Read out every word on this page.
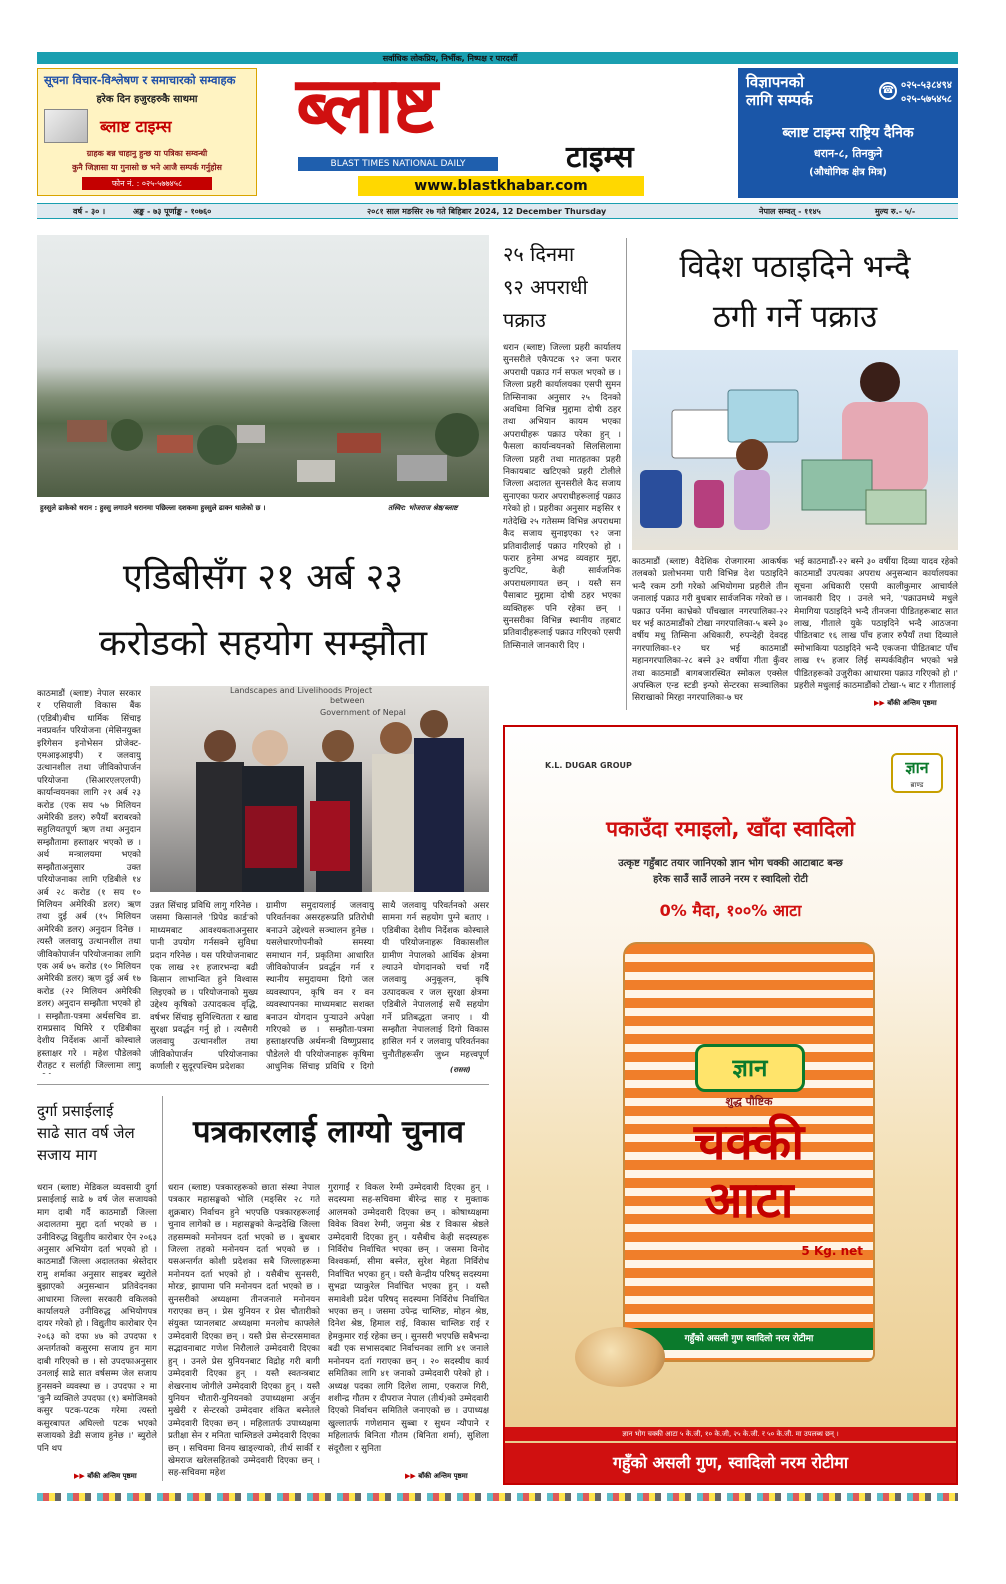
सर्वाधिक लोकप्रिय, निर्भीक, निष्पक्ष र पारदर्शी
सूचना विचार-विश्लेषण र समाचारको सम्वाहक
हरेक दिन हजुरहरुकै साथमा
ब्लाष्ट टाइम्स
ग्राहक बन्न चाहानु हुन्छ या पत्रिका सम्वन्धी
कुनै जिज्ञासा या गुनासो छ भने आजै सम्पर्क गर्नुहोस
फोन नं. : ०२५-५७७४५८
ब्लाष्ट
BLAST TIMES NATIONAL DAILY	टाइम्स
www.blastkhabar.com
विज्ञापनको
लागि सम्पर्क
☎ ०२५-५३८४९४
०२५-५७५४५८
ब्लाष्ट टाइम्स राष्ट्रिय दैनिक
धरान-८, तिनकुने
(औधोगिक क्षेत्र मित्र)
वर्ष - ३० ।	अङ्क - ७३ पूर्णाङ्क - १०७६०	२०८१ साल मङसिर २७ गते बिहिबार 2024, 12 December Thursday	नेपाल सम्वत् - ११४५	मुल्य रु.- ५/-
हुस्सुले ढाकेको धरान : हुस्सु लगाउने धरानमा पछिल्ला दशकमा हुस्सुले ढाक्न थालेको छ ।	तस्विर: भोजराज श्रेष्ठ/ब्लाष्ट
२५ दिनमा
९२ अपराधी
पक्राउ
धरान (ब्लाष्ट) जिल्ला प्रहरी कार्यालय सुनसरीले एकैपटक ९२ जना फरार अपराधी पक्राउ गर्न सफल भएको छ । जिल्ला प्रहरी कार्यालयका एसपी सुमन तिम्सिनाका अनुसार २५ दिनको अवधिमा विभिन्न मुद्दामा दोषी ठहर तथा अभियान कायम भएका अपराधीहरू पक्राउ परेका हुन् । फैसला कार्यान्वयनको सिलसिलामा जिल्ला प्रहरी तथा मातहतका प्रहरी निकायबाट खटिएको प्रहरी टोलीले जिल्ला अदालत सुनसरीले कैद सजाय सुनाएका फरार अपराधीहरूलाई पक्राउ गरेको हो । प्रहरीका अनुसार मङ्सिर १ गतेदेखि २५ गतेसम्म विभिन्न अपराधमा कैद सजाय सुनाइएका ९२ जना प्रतिवादीलाई पक्राउ गरिएको हो । फरार हुनेमा अभद्र व्यवहार मुद्दा, कुटपिट, केही सार्वजनिक अपराधलगायत छन् । यस्तै सन पैसाबाट मुद्दामा दोषी ठहर भएका व्यक्तिहरू पनि रहेका छन् । सुनसरीका विभिन्न स्थानीय तहबाट प्रतिवादीहरूलाई पक्राउ गरिएको एसपी तिम्सिनाले जानकारी दिए ।
विदेश पठाइदिने भन्दै
ठगी गर्ने पक्राउ
काठमाडौं (ब्लाष्ट) वैदेशिक रोजगारमा आकर्षक तलबको प्रलोभनमा पारी विभिन्न देश पठाइदिने भन्दै रकम ठगी गरेको अभियोगमा प्रहरीले तीन जनालाई पक्राउ गरी बुधबार सार्वजनिक गरेको छ । पक्राउ पर्नेमा काभ्रेको पाँचखाल नगरपालिका-२२ घर भई काठमाडौंको टोखा नगरपालिका-५ बस्ने ३० वर्षीय मधु तिम्सिना अधिकारी, रुपन्देही देवदह नगरपालिका-१२ घर भई काठमाडौं महानगरपालिका-२८ बस्ने ३२ वर्षीया गीता कुँवर तथा काठमाडौं बागबजारस्थित स्मोकल एक्सेल अपस्किल एन्ड स्टडी इन्फो सेन्टरका सञ्चालिका सिराखाको मिरहा नगरपालिका-७ घर
भई काठमाडौं-२२ बस्ने ३० वर्षीया दिव्या यादव रहेको काठमाडौं उपत्यका अपराध अनुसन्धान कार्यालयका सूचना अधिकारी एसपी कालीकुमार आचार्यले जानकारी दिए । उनले भने, 'पक्राउमध्ये मधुले मेमागिया पठाइदिने भन्दै तीनजना पीडितहरूबाट सात लाख, गीताले युके पठाइदिने भन्दै आठजना पीडितबाट १६ लाख पाँच हजार रुपैयाँ तथा दिव्याले स्मोभाकिया पठाइदिने भन्दै एकजना पीडितबाट पाँच लाख १५ हजार लिई सम्पर्कविहीन भएको भन्ने पीडितहरूको उजुरीका आधारमा पक्राउ गरिएको हो ।' प्रहरीले मधुलाई काठमाडौंको टोखा-५ बाट र गीतालाई
▶▶ बाँकी अन्तिम पृष्ठमा
एडिबीसँग २१ अर्ब २३
करोडको सहयोग सम्झौता
काठमाडौं (ब्लाष्ट) नेपाल सरकार र एसियाली विकास बैंक (एडिबी)बीच धार्मिक सिंचाइ नवप्रवर्तन परियोजना (मेसिनयुक्त इरिगेसन इनोभेसन प्रोजेक्ट-एमआइआइपी) र जलवायु उत्थानशील तथा जीविकोपार्जन परियोजना (सिआरएलएलपी) कार्यान्वयनका लागि २१ अर्ब २३ करोड (एक सय ५७ मिलियन अमेरिकी डलर) रुपैयाँ बराबरको सहुलियतपूर्ण ऋण तथा अनुदान सम्झौतामा हस्ताक्षर भएको छ । अर्थ मन्त्रालयमा भएको सम्झौताअनुसार उक्त परियोजनाका लागि एडिबीले १४ अर्ब २८ करोड (१ सय १० मिलियन अमेरिकी डलर) ऋण तथा दुई अर्ब (१५ मिलियन अमेरिकी डलर) अनुदान दिनेछ । त्यस्तै जलवायु उत्थानशील तथा जीविकोपार्जन परियोजनाका लागि एक अर्ब ७५ करोड (१० मिलियन अमेरिकी डलर) ऋण दुई अर्ब १७ करोड (२२ मिलियन अमेरिकी डलर) अनुदान सम्झौता भएको हो । सम्झौता-पत्रमा अर्थसचिव डा. रामप्रसाद घिमिरे र एडिबीका देशीय निर्देशक आर्नो कोस्चाले हस्ताक्षर गरे । महेश पौडेलको रौतहट र सर्लाही जिल्लामा लागु
Landscapes and Livelihoods Project
between
Government of Nepal
उन्नत सिंचाइ प्रविधि लागु गरिनेछ । जसमा किसानले 'प्रिपेड कार्ड'को माध्यमबाट आवश्यकताअनुसार पानी उपयोग गर्नसक्ने सुविधा प्रदान गरिनेछ । यस परियोजनाबाट एक लाख २१ हजारभन्दा बढी किसान लाभान्वित हुने विश्वास लिइएको छ । परियोजनाको मुख्य उद्देश्य कृषिको उत्पादकत्व वृद्धि, वर्षभर सिंचाइ सुनिश्चितता र खाद्य सुरक्षा प्रवर्द्धन गर्नु हो । त्यसैगरी जलवायु उत्थानशील तथा जीविकोपार्जन परियोजनाका कर्णाली र सुदूरपश्चिम प्रदेशका
ग्रामीण समुदायलाई जलवायु परिवर्तनका असरहरूप्रति प्रतिरोधी बनाउने उद्देश्यले सञ्चालन हुनेछ । यसलेधारणोपनीको समस्या समाधान गर्न, प्रकृतिमा आधारित जीविकोपार्जन प्रवर्द्धन गर्न र स्थानीय समुदायमा दिगो जल व्यवस्थापन, कृषि वन र वन व्यवस्थापनका माध्यमबाट सशक्त बनाउन योगदान पुऱ्याउने अपेक्षा गरिएको छ । सम्झौता-पत्रमा हस्ताक्षरपछि अर्थमन्त्री विष्णुप्रसाद पौडेलले यी परियोजनाहरू कृषिमा आधुनिक सिंचाइ प्रविधि र दिगो
साथै जलवायु परिवर्तनको असर सामना गर्न सहयोग पुग्ने बताए । एडिबीका देशीय निर्देशक कोस्चाले यी परियोजनाहरू विकासशील ग्रामीण नेपालको आर्थिक क्षेत्रमा ल्याउने योगदानको चर्चा गर्दै जलवायु अनुकूलन, कृषि उत्पादकत्व र जल सुरक्षा क्षेत्रमा एडिबीले नेपाललाई सधैं सहयोग गर्ने प्रतिबद्धता जनाए । यी सम्झौता नेपाललाई दिगो विकास हासिल गर्न र जलवायु परिवर्तनका चुनौतीहरूसँग जुध्न महत्त्वपूर्ण
(रासस)
दुर्गा प्रसाईलाई
साढे सात वर्ष जेल
सजाय माग
धरान (ब्लाष्ट) मेडिकल व्यवसायी दुर्गा प्रसाईलाई साढे ७ वर्ष जेल सजायको माग दाबी गर्दै काठमाडौं जिल्ला अदालतमा मुद्दा दर्ता भएको छ । उनीविरुद्ध विद्युतीय कारोबार ऐन २०६३ अनुसार अभियोग दर्ता भएको हो । काठमाडौं जिल्ला अदालतका श्रेस्तेदार रामु शर्माका अनुसार साइबर ब्युरोले बुझाएको अनुसन्धान प्रतिवेदनका आधारमा जिल्ला सरकारी वकिलको कार्यालयले उनीविरुद्ध अभियोगपत्र दायर गरेको हो । विद्युतीय कारोबार ऐन २०६३ को दफा ४७ को उपदफा १ अन्तर्गतको कसुरमा सजाय हुन माग दाबी गरिएको छ । सो उपदफाअनुसार उनलाई साढे सात वर्षसम्म जेल सजाय हुनसक्ने व्यवस्था छ । उपदफा २ मा 'कुनै व्यक्तिले उपदफा (१) बमोजिमको कसुर पटक-पटक गरेमा त्यस्तो कसुरबापत अघिल्लो पटक भएको सजायको डेढी सजाय हुनेछ ।' ब्युरोले पनि थप
▶▶ बाँकी अन्तिम पृष्ठमा
पत्रकारलाई लाग्यो चुनाव
धरान (ब्लाष्ट) पत्रकारहरूको छाता संस्था नेपाल पत्रकार महासङ्घको भोलि (मङ्सिर २८ गते शुक्रबार) निर्वाचन हुने भएपछि पत्रकारहरूलाई चुनाव लागेको छ । महासङ्घको केन्द्रदेखि जिल्ला तहसम्मको मनोनयन दर्ता भएको छ । बुधबार जिल्ला तहको मनोनयन दर्ता भएको छ । यसअन्तर्गत कोशी प्रदेशका सबै जिल्लाहरूमा मनोनयन दर्ता भएको हो । यसैबीच सुनसरी, मोरङ, झापामा पनि मनोनयन दर्ता भएको छ । सुनसरीको अध्यक्षमा तीनजनाले मनोनयन गराएका छन् । प्रेस युनियन र प्रेस चौतारीको संयुक्त प्यानलबाट अध्यक्षमा मनलोच काफ्लेले उम्मेदवारी दिएका छन् । यस्तै प्रेस सेन्टरसमावत सद्भावनाबाट गणेश निरौलाले उम्मेदवारी दिएका हुन् । उनले प्रेस युनियनबाट विद्रोह गरी बागी उम्मेदवारी दिएका हुन् । यस्तै स्वतन्त्रबाट शेखरनाथ जोगीले उम्मेदवारी दिएका हुन् । यस्तै युनियन चौतारी-युनियनको उपाध्यक्षमा अर्जुन मुखेरी र सेन्टरको उम्मेदवार शंकित बस्नेतले उम्मेदवारी दिएका छन् । महिलातर्फ उपाध्यक्षमा प्रतीक्षा सेन र मनिता चाम्लिङले उम्मेदवारी दिएका छन् । सचिवमा विनय खाङ्ल्याको, तीर्थ सार्की र खेमराज खरेलसहितको उम्मेदवारी दिएका छन् । सह-सचिवमा महेश
गुरागाईं र विकल रेग्मी उम्मेदवारी दिएका हुन् । सदस्यमा सह-सचिवमा बीरेन्द्र साह र मुक्ताक आलमको उम्मेदवारी दिएका छन् । कोषाध्यक्षमा विवेक विवश रेग्मी, जमुना श्रेष्ठ र विकास श्रेष्ठले उम्मेदवारी दिएका हुन् । यसैबीच केही सदस्यहरू निर्विरोध निर्वाचित भएका छन् । जसमा विनोद विश्वकर्मा, सीमा बस्नेत, सुरेश मेहता निर्विरोध निर्वाचित भएका हुन् । यस्तै केन्द्रीय परिषद् सदस्यमा सुभद्रा प्याकुरेल निर्वाचित भएका हुन् । यस्तै समावेशी प्रदेश परिषद् सदस्यमा निर्विरोध निर्वाचित भएका छन् । जसमा उपेन्द्र चाम्लिङ, मोहन श्रेष्ठ, दिनेश श्रेष्ठ, हिमाल राई, विकास चाम्लिङ राई र हेमकुमार राई रहेका छन् । सुनसरी भएपछि सबैभन्दा बढी एक सभासदबाट निर्वाचनका लागि ४१ जनाले मनोनयन दर्ता गराएका छन् । २० सदस्यीय कार्य समितिका लागि ४१ जनाको उम्मेदवारी परेको हो । अध्यक्ष पदका लागि दिलेश लामा, एकराज गिरी, शशीन्द्र गौतम र दीपराज नेपाल (तीर्थ)को उम्मेदवारी दिएको निर्वाचन समितिले जनाएको छ । उपाध्यक्ष खुल्लातर्फ गणेशमान सुब्बा र सुधन न्यौपाने र महिलातर्फ बिनिता गौतम (बिनिता शर्मा), सुशिला संदूरौला र सुनिता
▶▶ बाँकी अन्तिम पृष्ठमा
K.L. DUGAR GROUP	ज्ञान
ब्राण्ड
पकाउँदा रमाइलो, खाँदा स्वादिलो
उत्कृष्ट गहुँबाट तयार जानिएको ज्ञान भोग चक्की आटाबाट बन्छ
हरेक साउँ साउँ लाउने नरम र स्वादिलो रोटी
0% मैदा, १००% आटा
शुद्ध पौष्टिक
ज्ञान
चक्की
आटा
5 Kg. net
गहुँको असली गुण स्वादिलो नरम रोटीमा
ज्ञान भोग चक्की आटा ५ के.जी, १० के.जी, २५ के.जी. र ५० के.जी. मा उपलब्ध छन् ।
गहुँको असली गुण, स्वादिलो नरम रोटीमा
